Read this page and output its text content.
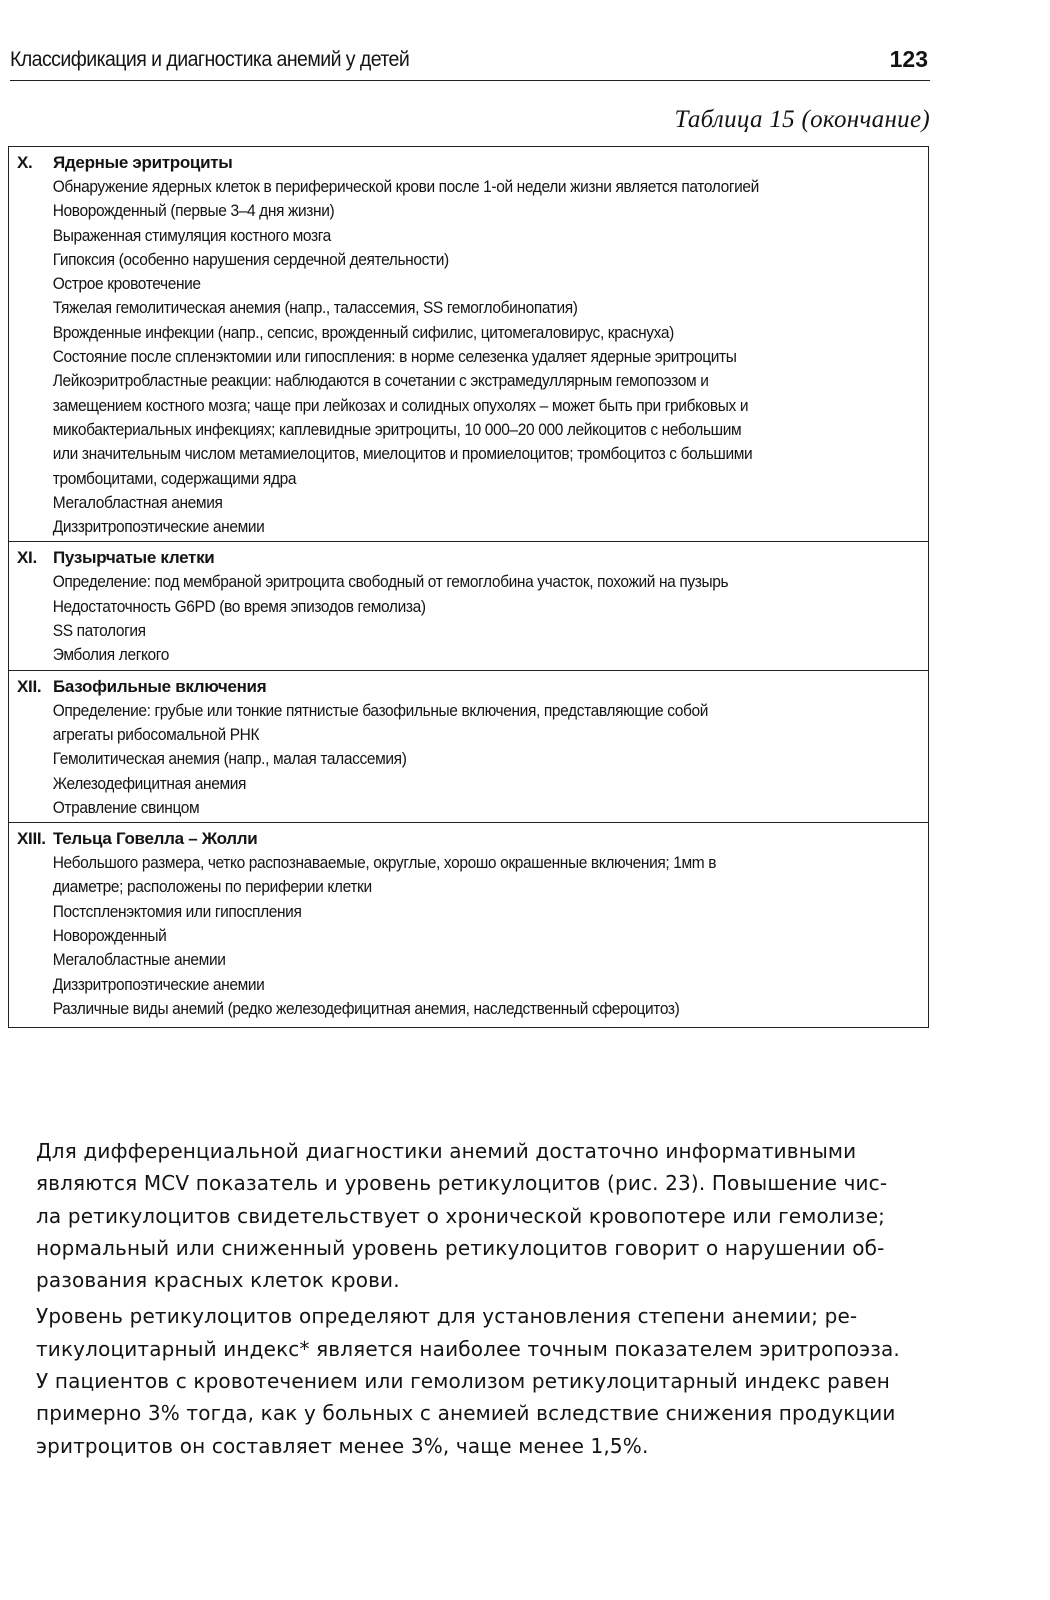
Классификация и диагностика анемий у детей	123
Таблица 15 (окончание)
X. Ядерные эритроциты
Обнаружение ядерных клеток в периферической крови после 1-ой недели жизни является патологией
Новорожденный (первые 3–4 дня жизни)
Выраженная стимуляция костного мозга
Гипоксия (особенно нарушения сердечной деятельности)
Острое кровотечение
Тяжелая гемолитическая анемия (напр., талассемия, SS гемоглобинопатия)
Врожденные инфекции (напр., сепсис, врожденный сифилис, цитомегаловирус, краснуха)
Состояние после спленэктомии или гипоспления: в норме селезенка удаляет ядерные эритроциты
Лейкоэритробластные реакции: наблюдаются в сочетании с экстрамедуллярным гемопоэзом и
замещением костного мозга; чаще при лейкозах и солидных опухолях – может быть при грибковых и
микобактериальных инфекциях; каплевидные эритроциты, 10 000–20 000 лейкоцитов с небольшим
или значительным числом метамиелоцитов, миелоцитов и промиелоцитов; тромбоцитоз с большими
тромбоцитами, содержащими ядра
Мегалобластная анемия
Диззритропоэтические анемии
XI. Пузырчатые клетки
Определение: под мембраной эритроцита свободный от гемоглобина участок, похожий на пузырь
Недостаточность G6PD (во время эпизодов гемолиза)
SS патология
Эмболия легкого
XII. Базофильные включения
Определение: грубые или тонкие пятнистые базофильные включения, представляющие собой
агрегаты рибосомальной РНК
Гемолитическая анемия (напр., малая талассемия)
Железодефицитная анемия
Отравление свинцом
XIII. Тельца Говелла – Жолли
Небольшого размера, четко распознаваемые, округлые, хорошо окрашенные включения; 1мm в
диаметре; расположены по периферии клетки
Постспленэктомия или гипоспления
Новорожденный
Мегалобластные анемии
Диззритропоэтические анемии
Различные виды анемий (редко железодефицитная анемия, наследственный сфероцитоз)
Для дифференциальной диагностики анемий достаточно информативными
являются MCV показатель и уровень ретикулоцитов (рис. 23). Повышение чис-
ла ретикулоцитов свидетельствует о хронической кровопотере или гемолизе;
нормальный или сниженный уровень ретикулоцитов говорит о нарушении об-
разования красных клеток крови.
Уровень ретикулоцитов определяют для установления степени анемии; ре-
тикулоцитарный индекс* является наиболее точным показателем эритропоэза.
У пациентов с кровотечением или гемолизом ретикулоцитарный индекс равен
примерно 3% тогда, как у больных с анемией вследствие снижения продукции
эритроцитов он составляет менее 3%, чаще менее 1,5%.
